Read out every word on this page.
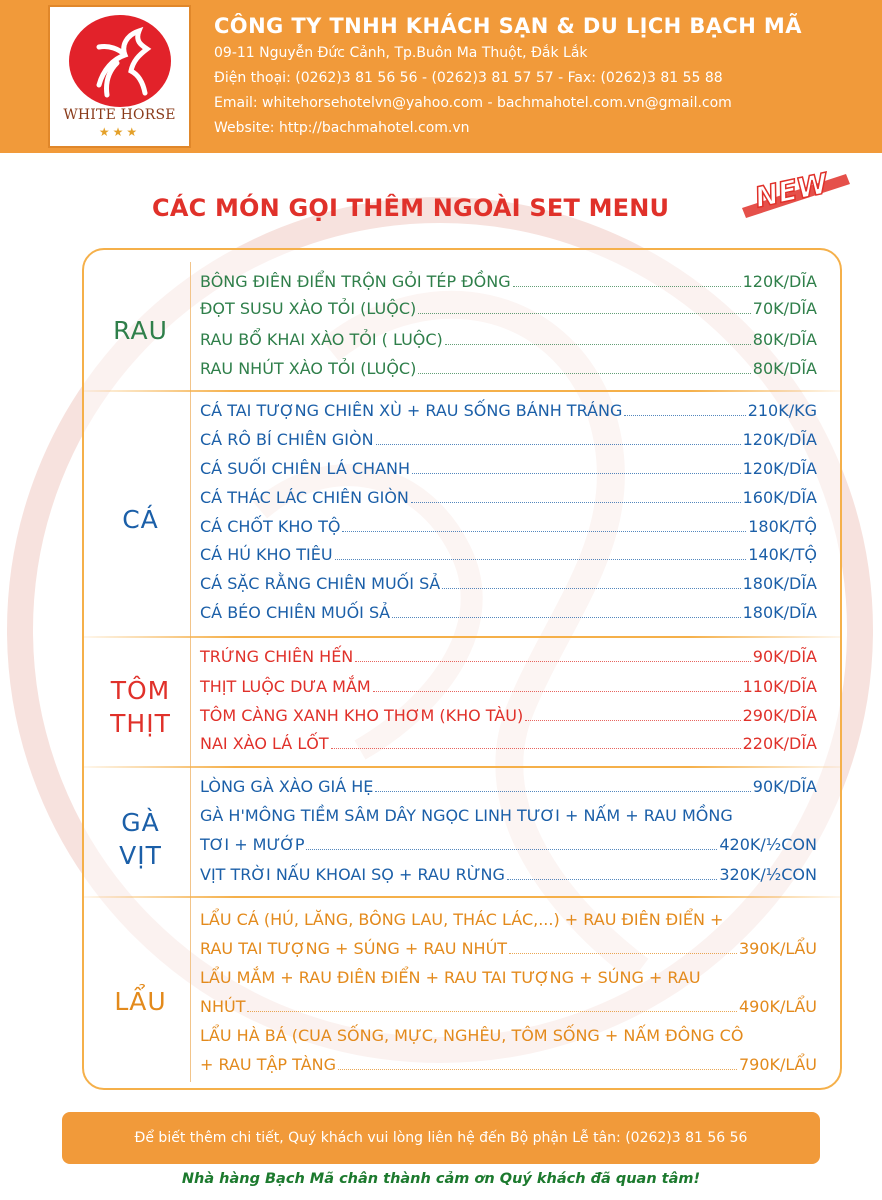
WHITE HORSE
★★★
CÔNG TY TNHH KHÁCH SẠN & DU LỊCH BẠCH MÃ
09-11 Nguyễn Đức Cảnh, Tp.Buôn Ma Thuột, Đắk Lắk
Điện thoại: (0262)3 81 56 56 - (0262)3 81 57 57 - Fax: (0262)3 81 55 88
Email: whitehorsehotelvn@yahoo.com - bachmahotel.com.vn@gmail.com
Website: http://bachmahotel.com.vn
CÁC MÓN GỌI THÊM NGOÀI SET MENU	NEW
RAU
BÔNG ĐIÊN ĐIỂN TRỘN GỎI TÉP ĐỒNG	120K/DĨA
ĐỌT SUSU XÀO TỎI (LUỘC)	70K/DĨA
RAU BỔ KHAI XÀO TỎI ( LUỘC)	80K/DĨA
RAU NHÚT XÀO TỎI (LUỘC)	80K/DĨA
CÁ
CÁ TAI TƯỢNG CHIÊN XÙ + RAU SỐNG BÁNH TRÁNG	210K/KG
CÁ RÔ BÍ CHIÊN GIÒN	120K/DĨA
CÁ SUỐI CHIÊN LÁ CHANH	120K/DĨA
CÁ THÁC LÁC CHIÊN GIÒN	160K/DĨA
CÁ CHỐT KHO TỘ	180K/TỘ
CÁ HÚ KHO TIÊU	140K/TỘ
CÁ SẶC RẰNG CHIÊN MUỐI SẢ	180K/DĨA
CÁ BÉO CHIÊN MUỐI SẢ	180K/DĨA
TÔM
THỊT
TRỨNG CHIÊN HẾN	90K/DĨA
THỊT LUỘC DƯA MẮM	110K/DĨA
TÔM CÀNG XANH KHO THƠM (KHO TÀU)	290K/DĨA
NAI XÀO LÁ LỐT	220K/DĨA
GÀ
VỊT
LÒNG GÀ XÀO GIÁ HẸ	90K/DĨA
GÀ H'MÔNG TIỀM SÂM DÂY NGỌC LINH TƯƠI + NẤM + RAU MỒNG
TƠI + MƯỚP	420K/½CON
VỊT TRỜI NẤU KHOAI SỌ + RAU RỪNG	320K/½CON
LẨU
LẨU CÁ (HÚ, LĂNG, BÔNG LAU, THÁC LÁC,...) + RAU ĐIÊN ĐIỂN +
RAU TAI TƯỢNG + SÚNG + RAU NHÚT	390K/LẨU
LẨU MẮM + RAU ĐIÊN ĐIỂN + RAU TAI TƯỢNG + SÚNG + RAU
NHÚT	490K/LẨU
LẨU HÀ BÁ (CUA SỐNG, MỰC, NGHÊU, TÔM SỐNG + NẤM ĐÔNG CÔ
+ RAU TẬP TÀNG	790K/LẨU
Để biết thêm chi tiết, Quý khách vui lòng liên hệ đến Bộ phận Lễ tân: (0262)3 81 56 56
Nhà hàng Bạch Mã chân thành cảm ơn Quý khách đã quan tâm!
